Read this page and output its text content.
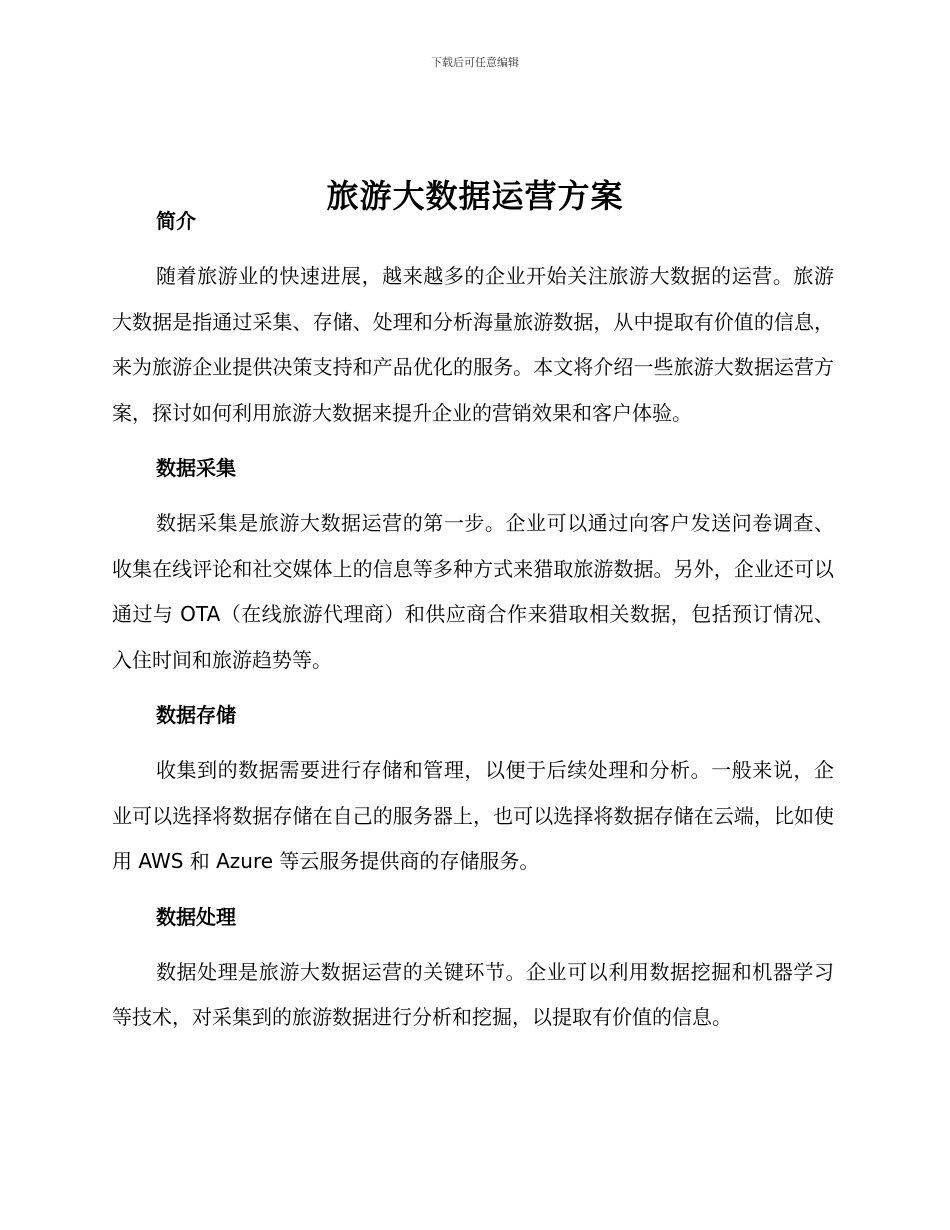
下载后可任意编辑
旅游大数据运营方案
简介

随着旅游业的快速进展，越来越多的企业开始关注旅游大数据的运营。旅游大数据是指通过采集、存储、处理和分析海量旅游数据，从中提取有价值的信息，来为旅游企业提供决策支持和产品优化的服务。本文将介绍一些旅游大数据运营方案，探讨如何利用旅游大数据来提升企业的营销效果和客户体验。

数据采集

数据采集是旅游大数据运营的第一步。企业可以通过向客户发送问卷调查、收集在线评论和社交媒体上的信息等多种方式来猎取旅游数据。另外，企业还可以通过与 OTA（在线旅游代理商）和供应商合作来猎取相关数据，包括预订情况、入住时间和旅游趋势等。

数据存储

收集到的数据需要进行存储和管理，以便于后续处理和分析。一般来说，企业可以选择将数据存储在自己的服务器上，也可以选择将数据存储在云端，比如使用 AWS 和 Azure 等云服务提供商的存储服务。

数据处理

数据处理是旅游大数据运营的关键环节。企业可以利用数据挖掘和机器学习等技术，对采集到的旅游数据进行分析和挖掘，以提取有价值的信息。
